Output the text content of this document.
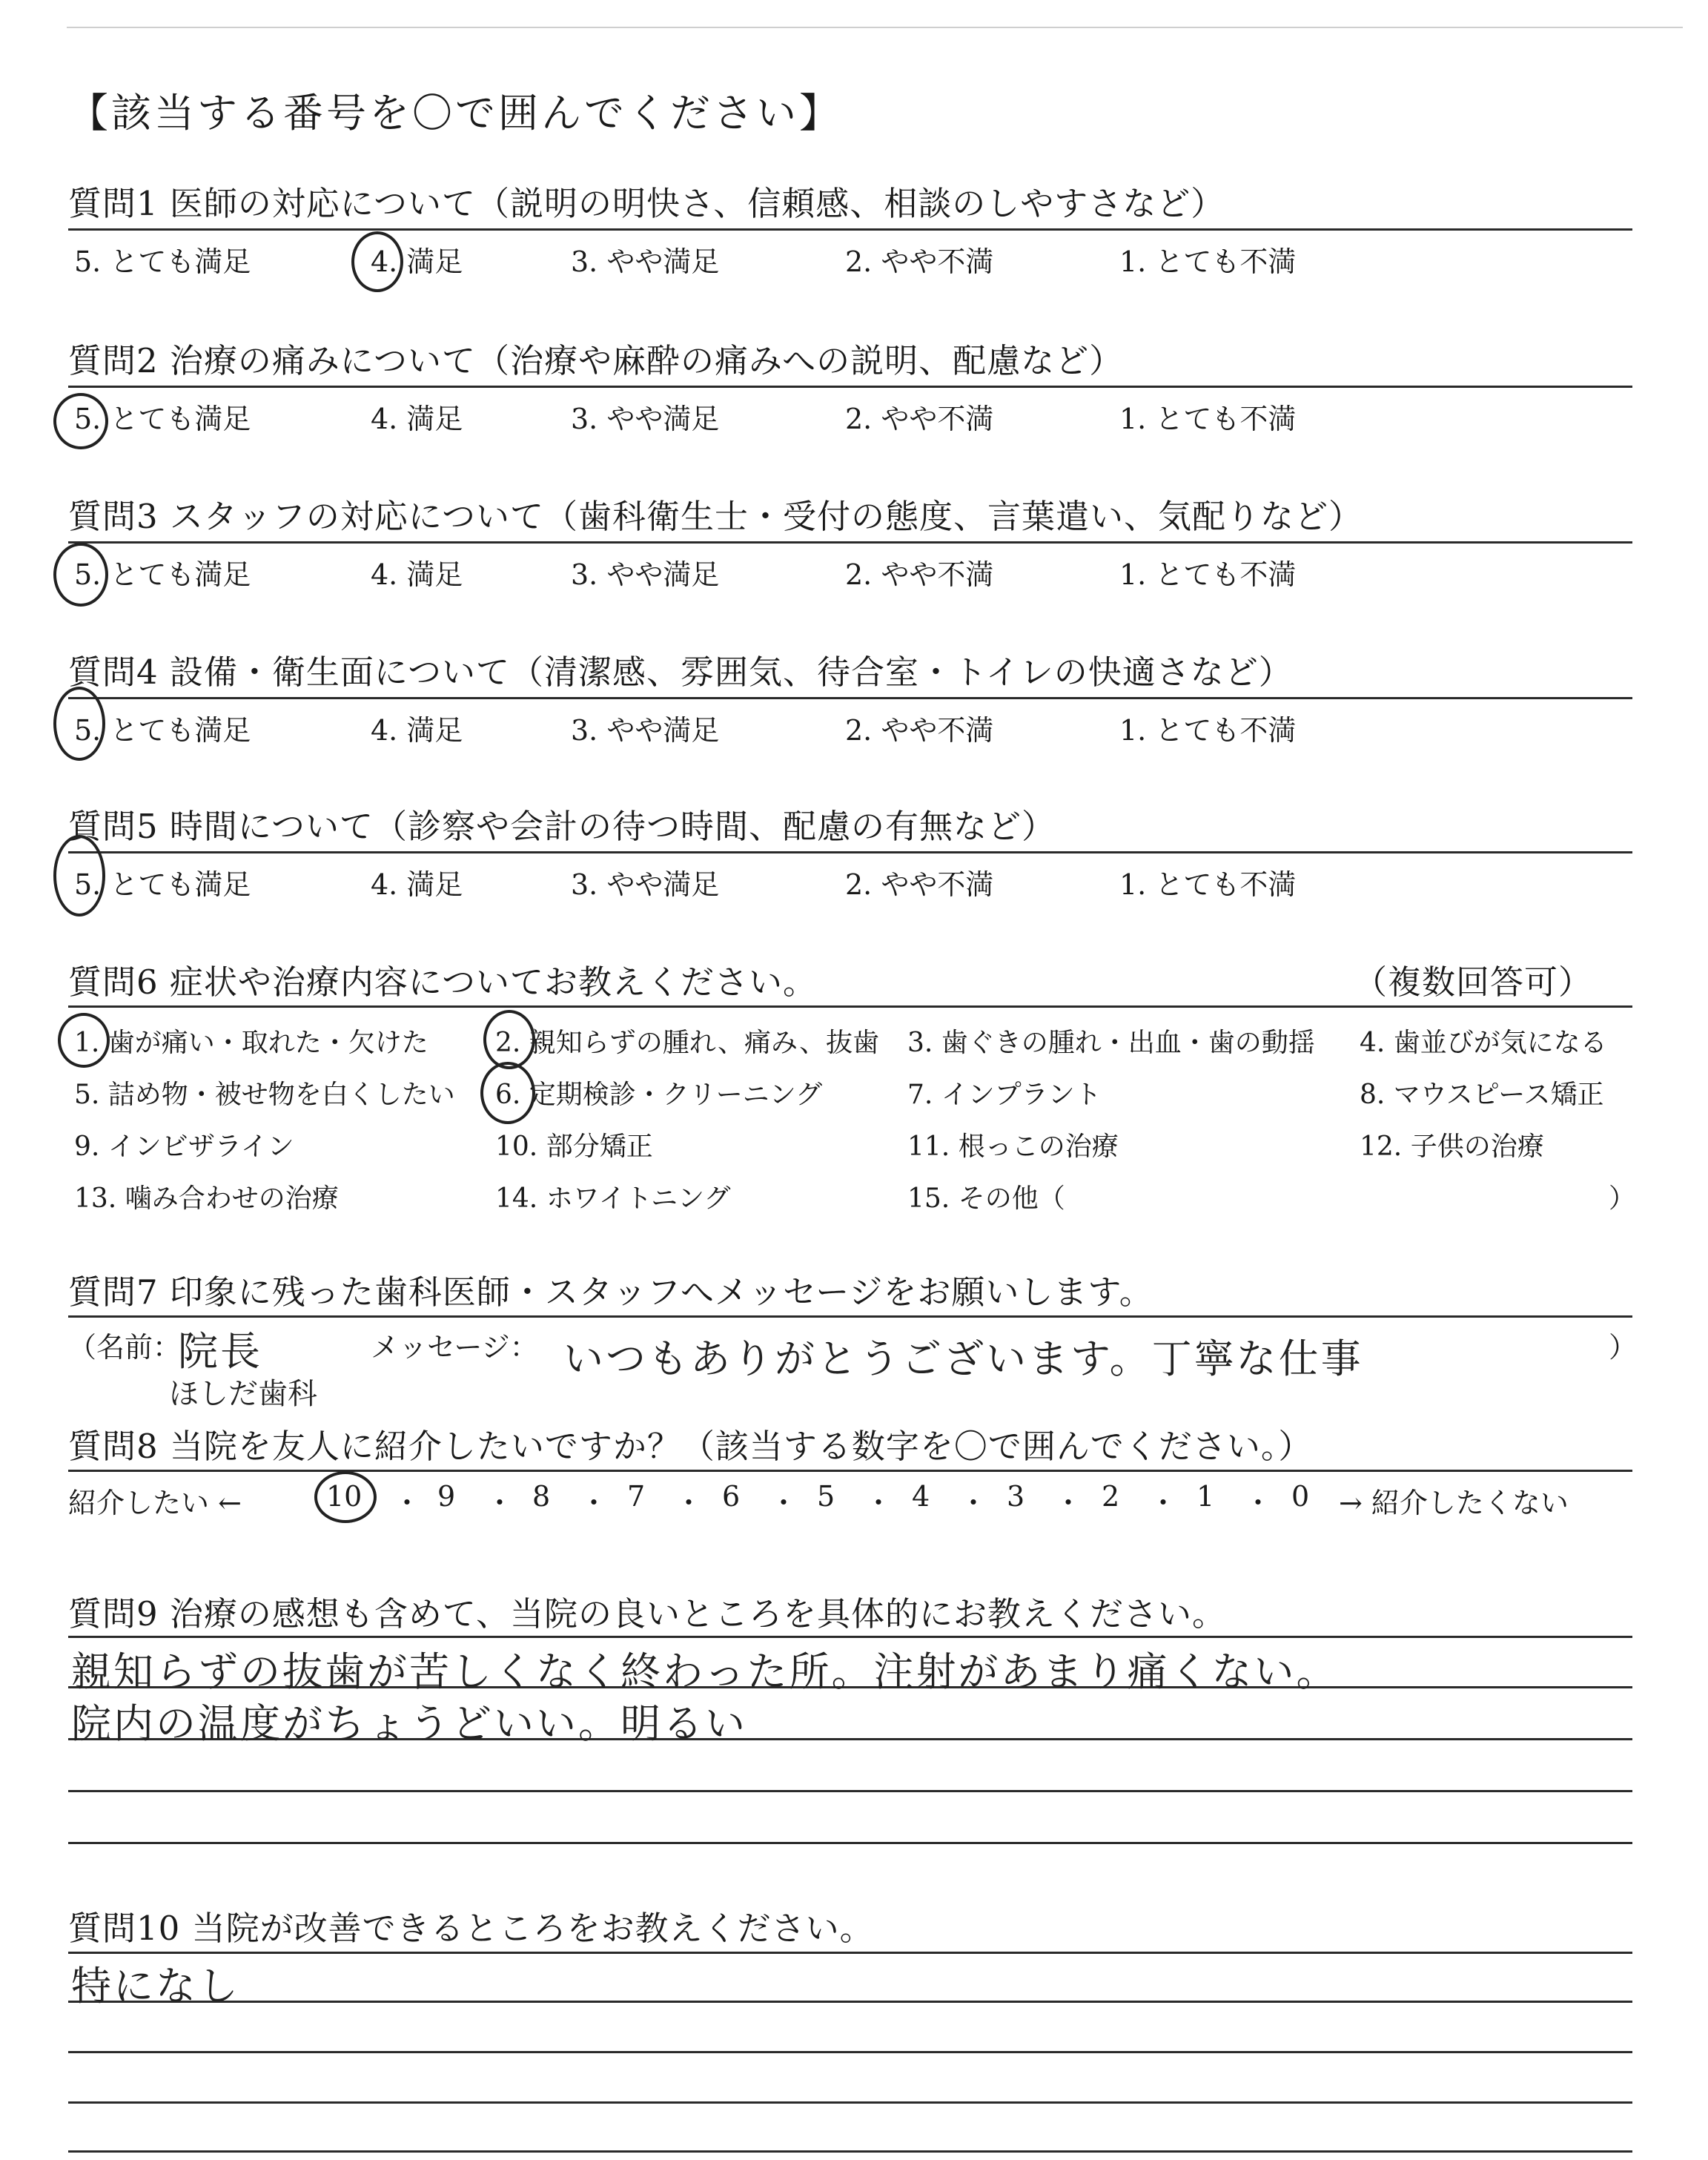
【該当する番号を〇で囲んでください】
質問1 医師の対応について（説明の明快さ、信頼感、相談のしやすさなど）
5. とても満足	4. 満足	3. やや満足	2. やや不満	1. とても不満
質問2 治療の痛みについて（治療や麻酔の痛みへの説明、配慮など）
5. とても満足	4. 満足	3. やや満足	2. やや不満	1. とても不満
質問3 スタッフの対応について（歯科衛生士・受付の態度、言葉遣い、気配りなど）
5. とても満足	4. 満足	3. やや満足	2. やや不満	1. とても不満
質問4 設備・衛生面について（清潔感、雰囲気、待合室・トイレの快適さなど）
5. とても満足	4. 満足	3. やや満足	2. やや不満	1. とても不満
質問5 時間について（診察や会計の待つ時間、配慮の有無など）
5. とても満足	4. 満足	3. やや満足	2. やや不満	1. とても不満
質問6 症状や治療内容についてお教えください。	（複数回答可）
1. 歯が痛い・取れた・欠けた	2. 親知らずの腫れ、痛み、抜歯 3. 歯ぐきの腫れ・出血・歯の動揺 4. 歯並びが気になる
5. 詰め物・被せ物を白くしたい 6. 定期検診・クリーニング	7. インプラント	8. マウスピース矯正
9. インビザライン	10. 部分矯正	11. 根っこの治療	12. 子供の治療
13. 噛み合わせの治療	14. ホワイトニング	15. その他（	）
質問7 印象に残った歯科医師・スタッフへメッセージをお願いします。
（名前：
院長
ほしだ歯科
メッセージ： いつもありがとうございます。丁寧な仕事	）
質問8 当院を友人に紹介したいですか？（該当する数字を〇で囲んでください。）
紹介したい ←	10 ・ 9 ・ 8 ・ 7 ・ 6 ・ 5 ・ 4 ・ 3 ・ 2 ・ 1 ・ 0 → 紹介したくない
質問9 治療の感想も含めて、当院の良いところを具体的にお教えください。
親知らずの抜歯が苦しくなく終わった所。注射があまり痛くない。
院内の温度がちょうどいい。明るい
質問10 当院が改善できるところをお教えください。
特になし
